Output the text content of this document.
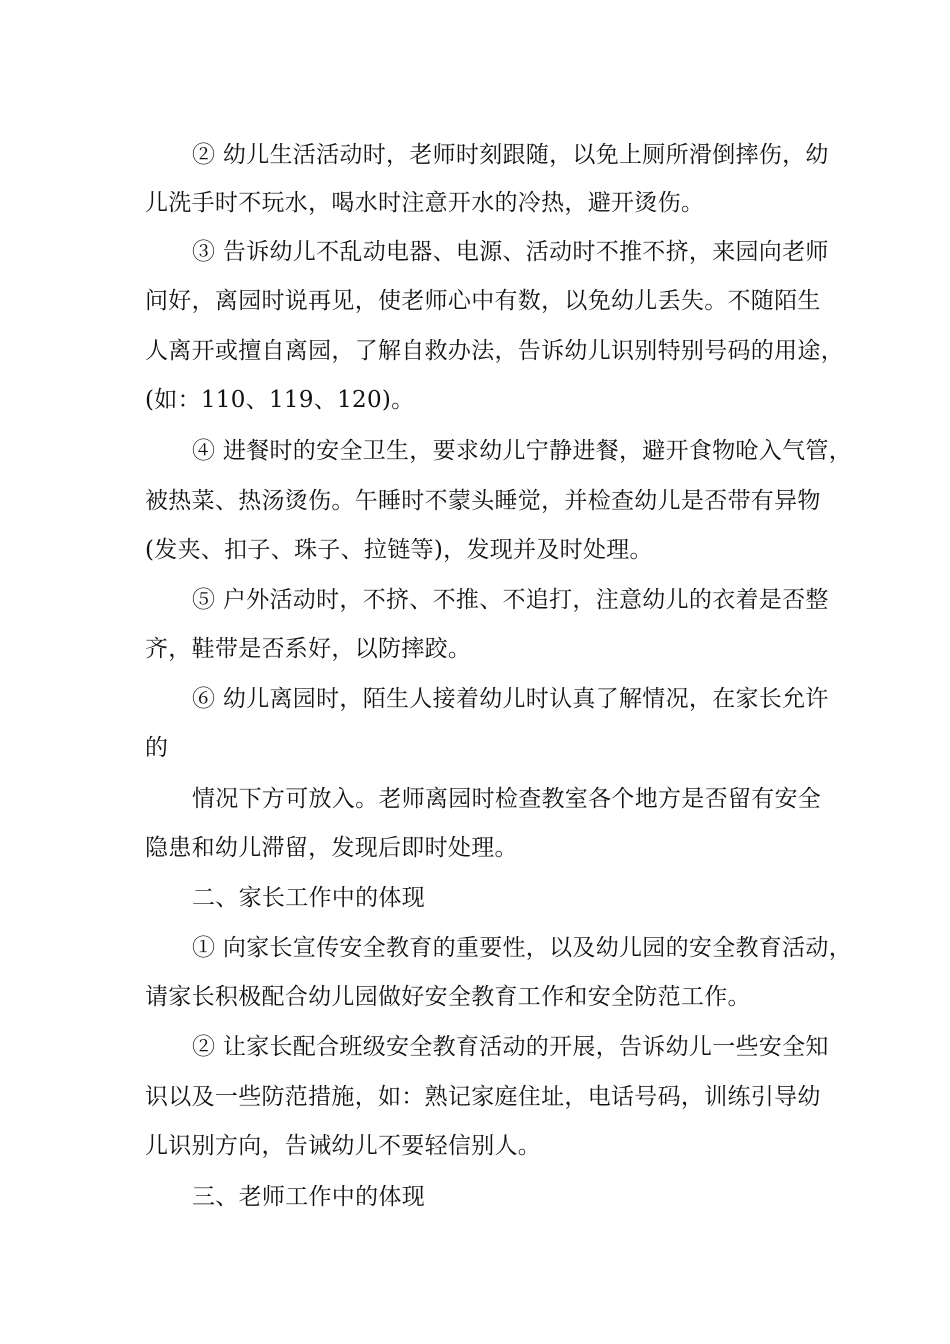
② 幼儿生活活动时，老师时刻跟随，以免上厕所滑倒摔伤，幼
儿洗手时不玩水，喝水时注意开水的冷热，避开烫伤。
③ 告诉幼儿不乱动电器、电源、活动时不推不挤，来园向老师
问好，离园时说再见，使老师心中有数，以免幼儿丢失。不随陌生
人离开或擅自离园，了解自救办法，告诉幼儿识别特别号码的用途，
(如：110、119、120)。
④ 进餐时的安全卫生，要求幼儿宁静进餐，避开食物呛入气管，
被热菜、热汤烫伤。午睡时不蒙头睡觉，并检查幼儿是否带有异物
(发夹、扣子、珠子、拉链等)，发现并及时处理。
⑤ 户外活动时，不挤、不推、不追打，注意幼儿的衣着是否整
齐，鞋带是否系好，以防摔跤。
⑥ 幼儿离园时，陌生人接着幼儿时认真了解情况，在家长允许
的
情况下方可放入。老师离园时检查教室各个地方是否留有安全
隐患和幼儿滞留，发现后即时处理。
二、家长工作中的体现
① 向家长宣传安全教育的重要性，以及幼儿园的安全教育活动，
请家长积极配合幼儿园做好安全教育工作和安全防范工作。
② 让家长配合班级安全教育活动的开展，告诉幼儿一些安全知
识以及一些防范措施，如：熟记家庭住址，电话号码，训练引导幼
儿识别方向，告诫幼儿不要轻信别人。
三、老师工作中的体现
